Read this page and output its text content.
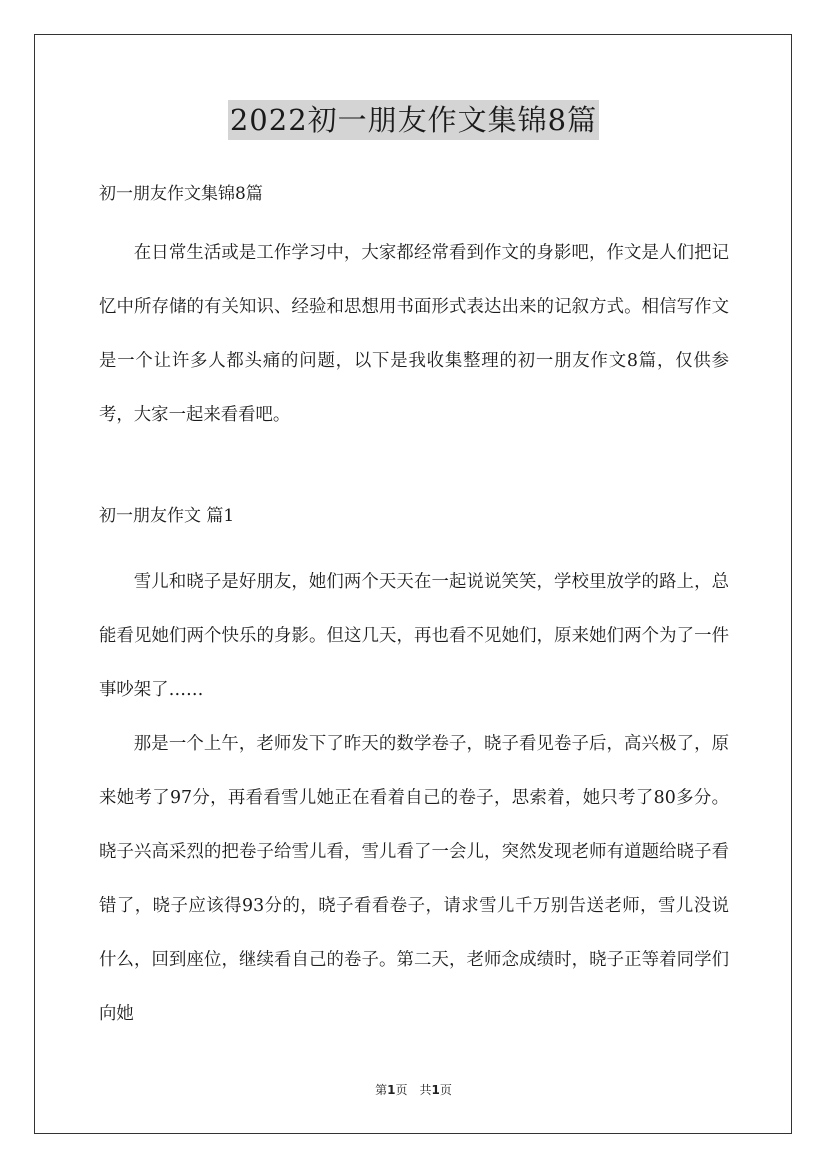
2022初一朋友作文集锦8篇

初一朋友作文集锦8篇

在日常生活或是工作学习中，大家都经常看到作文的身影吧，作文是人们把记忆中所存储的有关知识、经验和思想用书面形式表达出来的记叙方式。相信写作文是一个让许多人都头痛的问题，以下是我收集整理的初一朋友作文8篇，仅供参考，大家一起来看看吧。

初一朋友作文 篇1

雪儿和晓子是好朋友，她们两个天天在一起说说笑笑，学校里放学的路上，总能看见她们两个快乐的身影。但这几天，再也看不见她们，原来她们两个为了一件事吵架了……

那是一个上午，老师发下了昨天的数学卷子，晓子看见卷子后，高兴极了，原来她考了97分，再看看雪儿她正在看着自己的卷子，思索着，她只考了80多分。晓子兴高采烈的把卷子给雪儿看，雪儿看了一会儿，突然发现老师有道题给晓子看错了，晓子应该得93分的，晓子看看卷子，请求雪儿千万别告送老师，雪儿没说什么，回到座位，继续看自己的卷子。第二天，老师念成绩时，晓子正等着同学们向她

第1页 共1页
